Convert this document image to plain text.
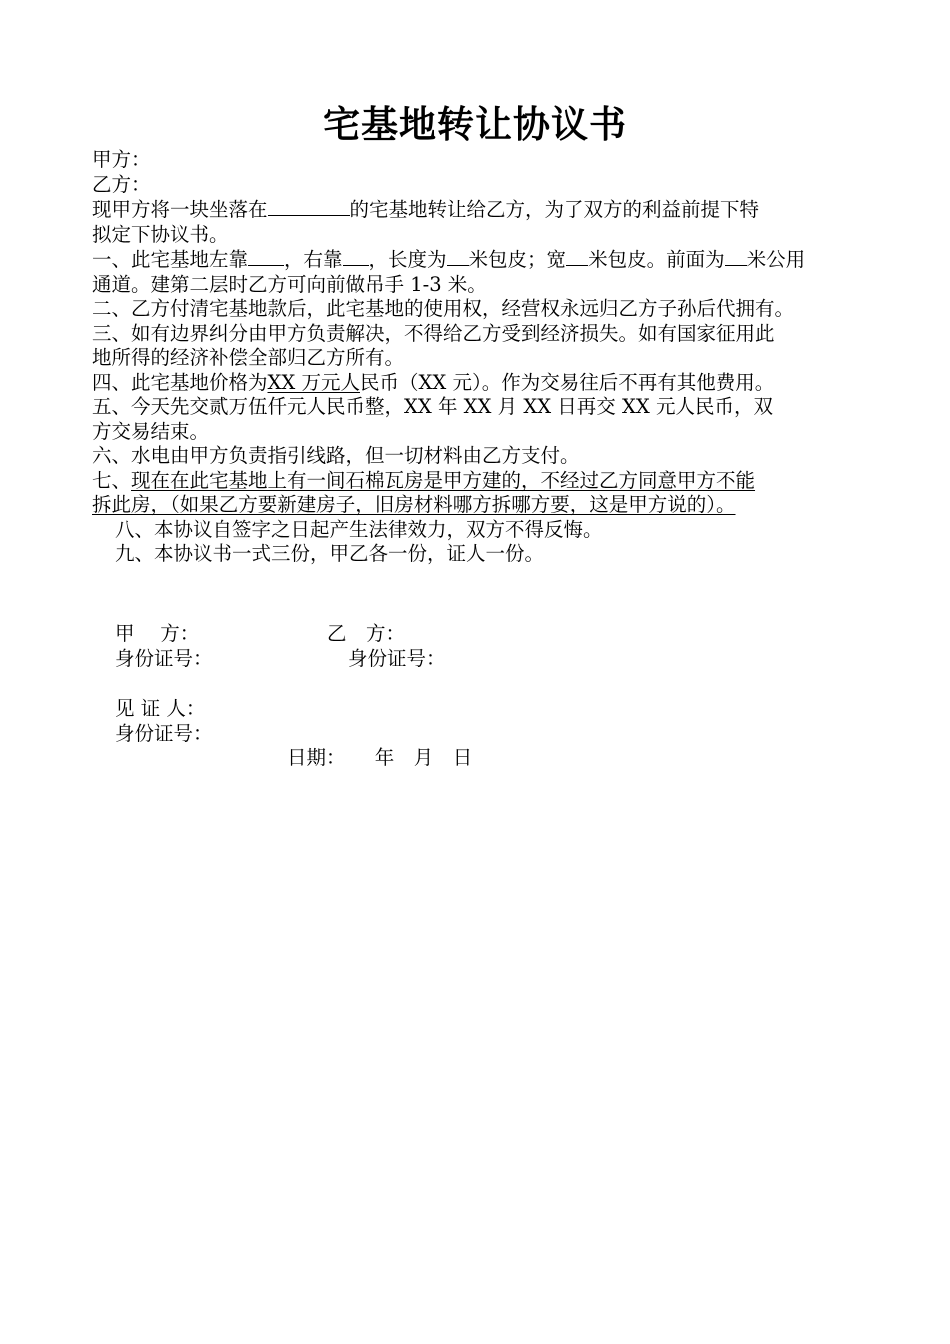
宅基地转让协议书
甲方：
乙方：
现甲方将一块坐落在	的宅基地转让给乙方，为了双方的利益前提下特
拟定下协议书。
一、此宅基地左靠 ，右靠 ，长度为 米包皮；宽 米包皮。前面为 米公用
通道。建第二层时乙方可向前做吊手 1-3 米。
二、乙方付清宅基地款后，此宅基地的使用权，经营权永远归乙方子孙后代拥有。
三、如有边界纠分由甲方负责解决，不得给乙方受到经济损失。如有国家征用此
地所得的经济补偿全部归乙方所有。
四、此宅基地价格为XX 万元人民币（XX 元）。作为交易往后不再有其他费用。
五、今天先交贰万伍仟元人民币整，XX 年 XX 月 XX 日再交 XX 元人民币，双
方交易结束。
六、水电由甲方负责指引线路，但一切材料由乙方支付。
七、现在在此宅基地上有一间石棉瓦房是甲方建的，不经过乙方同意甲方不能
拆此房，（如果乙方要新建房子，旧房材料哪方拆哪方要，这是甲方说的）。
八、本协议自签字之日起产生法律效力，双方不得反悔。
九、本协议书一式三份，甲乙各一份，证人一份。
甲　 方：	乙　方：
身份证号：	身份证号：
见 证 人：
身份证号：
日期：　　年　月　日
